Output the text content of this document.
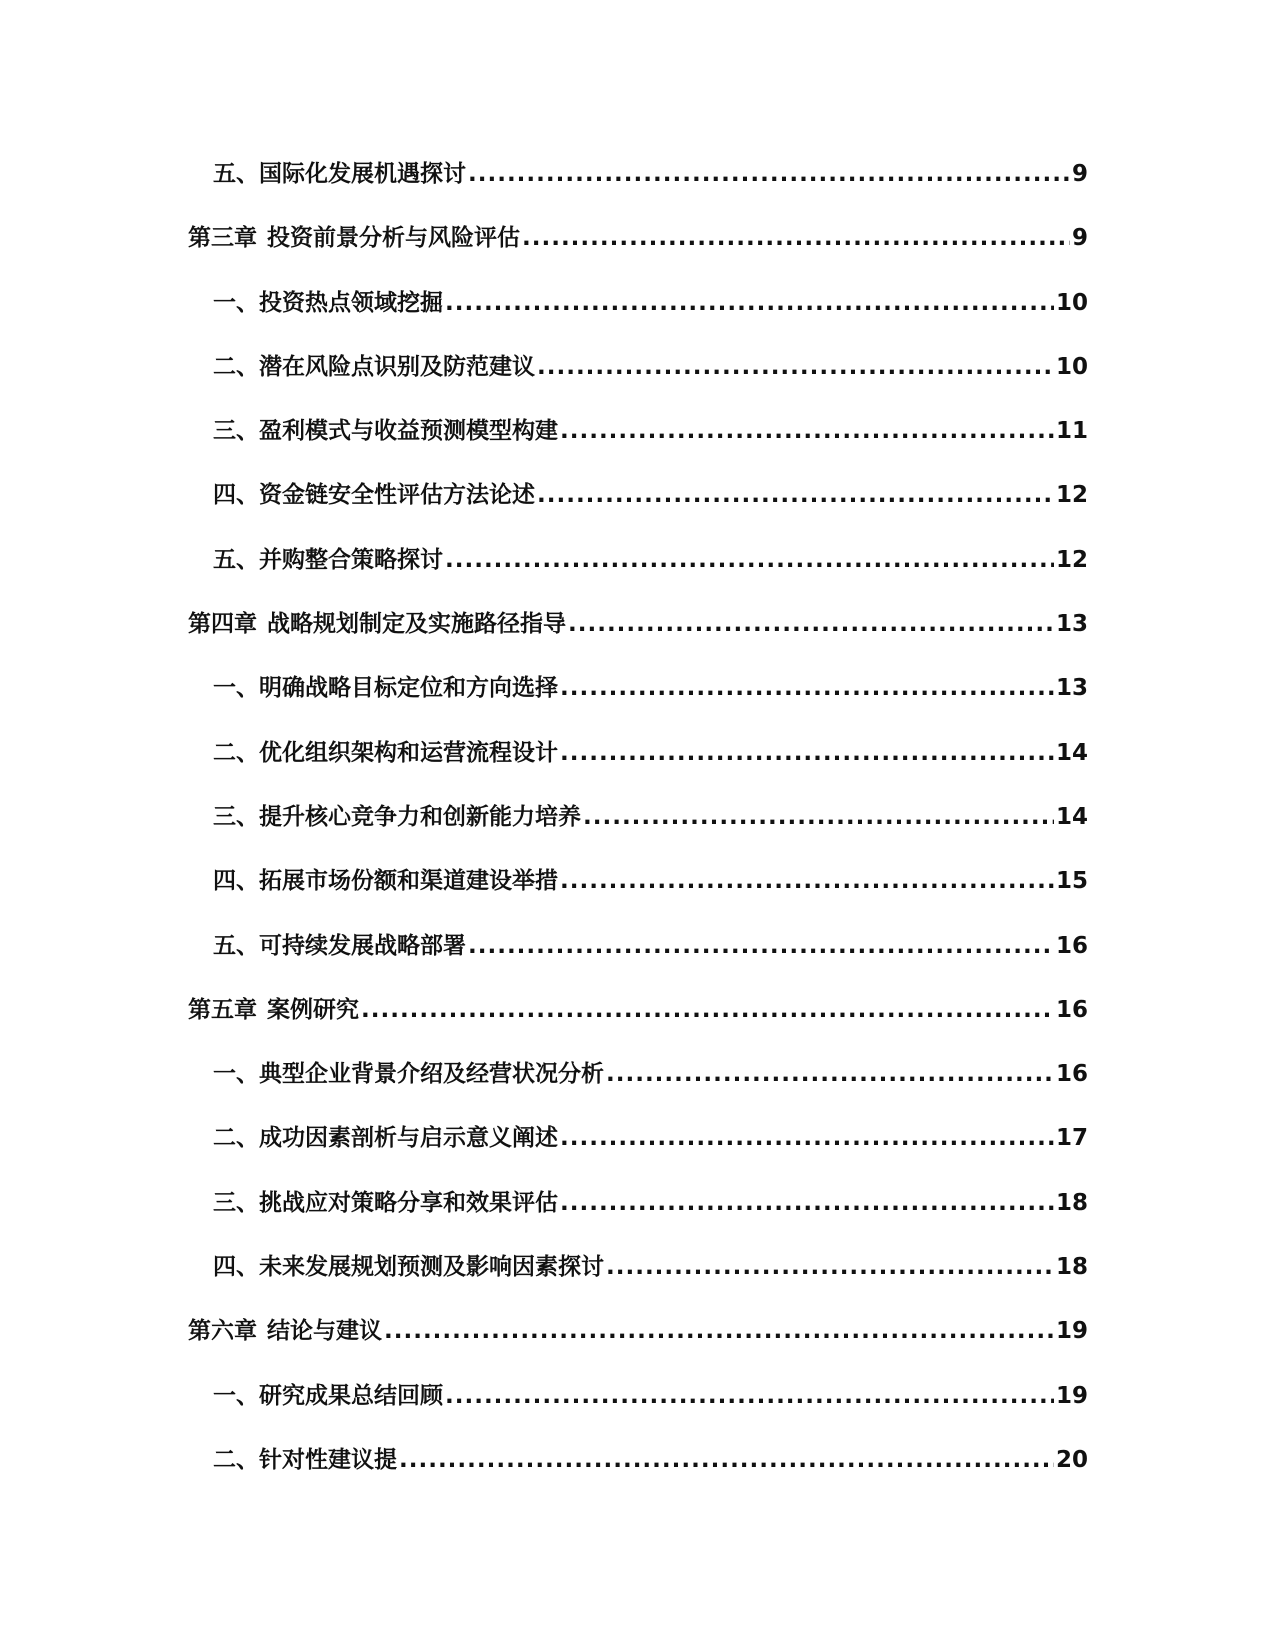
五、 国际化发展机遇探讨 .....	9
第三章 投资前景分析与风险评估 .....	9
一、 投资热点领域挖掘 .....	10
二、 潜在风险点识别及防范建议 .....	10
三、 盈利模式与收益预测模型构建 .....	11
四、 资金链安全性评估方法论述 .....	12
五、 并购整合策略探讨 .....	12
第四章 战略规划制定及实施路径指导 .....	13
一、 明确战略目标定位和方向选择 .....	13
二、 优化组织架构和运营流程设计 .....	14
三、 提升核心竞争力和创新能力培养 .....	14
四、 拓展市场份额和渠道建设举措 .....	15
五、 可持续发展战略部署 .....	16
第五章 案例研究 .....	16
一、 典型企业背景介绍及经营状况分析 .....	16
二、 成功因素剖析与启示意义阐述 .....	17
三、 挑战应对策略分享和效果评估 .....	18
四、 未来发展规划预测及影响因素探讨 .....	18
第六章 结论与建议 .....	19
一、 研究成果总结回顾 .....	19
二、 针对性建议提 .....	20
